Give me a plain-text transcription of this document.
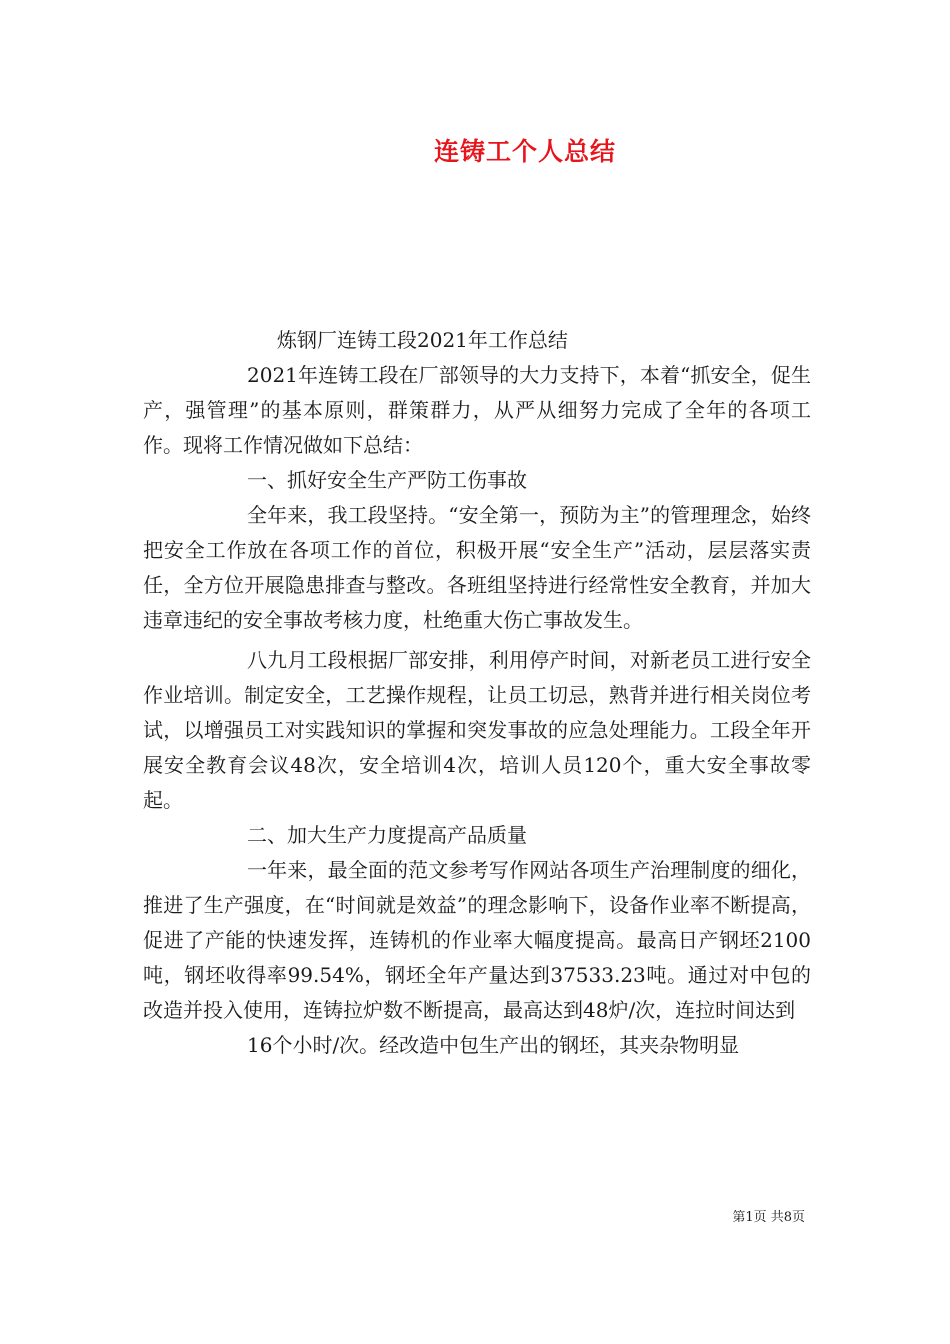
连铸工个人总结

炼钢厂连铸工段2021年工作总结

2021年连铸工段在厂部领导的大力支持下，本着“抓安全，促生产，强管理”的基本原则，群策群力，从严从细努力完成了全年的各项工作。现将工作情况做如下总结：

一、抓好安全生产严防工伤事故

全年来，我工段坚持。“安全第一，预防为主”的管理理念，始终把安全工作放在各项工作的首位，积极开展“安全生产”活动，层层落实责任，全方位开展隐患排查与整改。各班组坚持进行经常性安全教育，并加大违章违纪的安全事故考核力度，杜绝重大伤亡事故发生。

八九月工段根据厂部安排，利用停产时间，对新老员工进行安全作业培训。制定安全，工艺操作规程，让员工切忌，熟背并进行相关岗位考试，以增强员工对实践知识的掌握和突发事故的应急处理能力。工段全年开展安全教育会议48次，安全培训4次，培训人员120个，重大安全事故零起。

二、加大生产力度提高产品质量

一年来，最全面的范文参考写作网站各项生产治理制度的细化，推进了生产强度，在“时间就是效益”的理念影响下，设备作业率不断提高，促进了产能的快速发挥，连铸机的作业率大幅度提高。最高日产钢坯2100吨，钢坯收得率99.54%，钢坯全年产量达到37533.23吨。通过对中包的改造并投入使用，连铸拉炉数不断提高，最高达到48炉/次，连拉时间达到

16个小时/次。经改造中包生产出的钢坯，其夹杂物明显

第1页 共8页
